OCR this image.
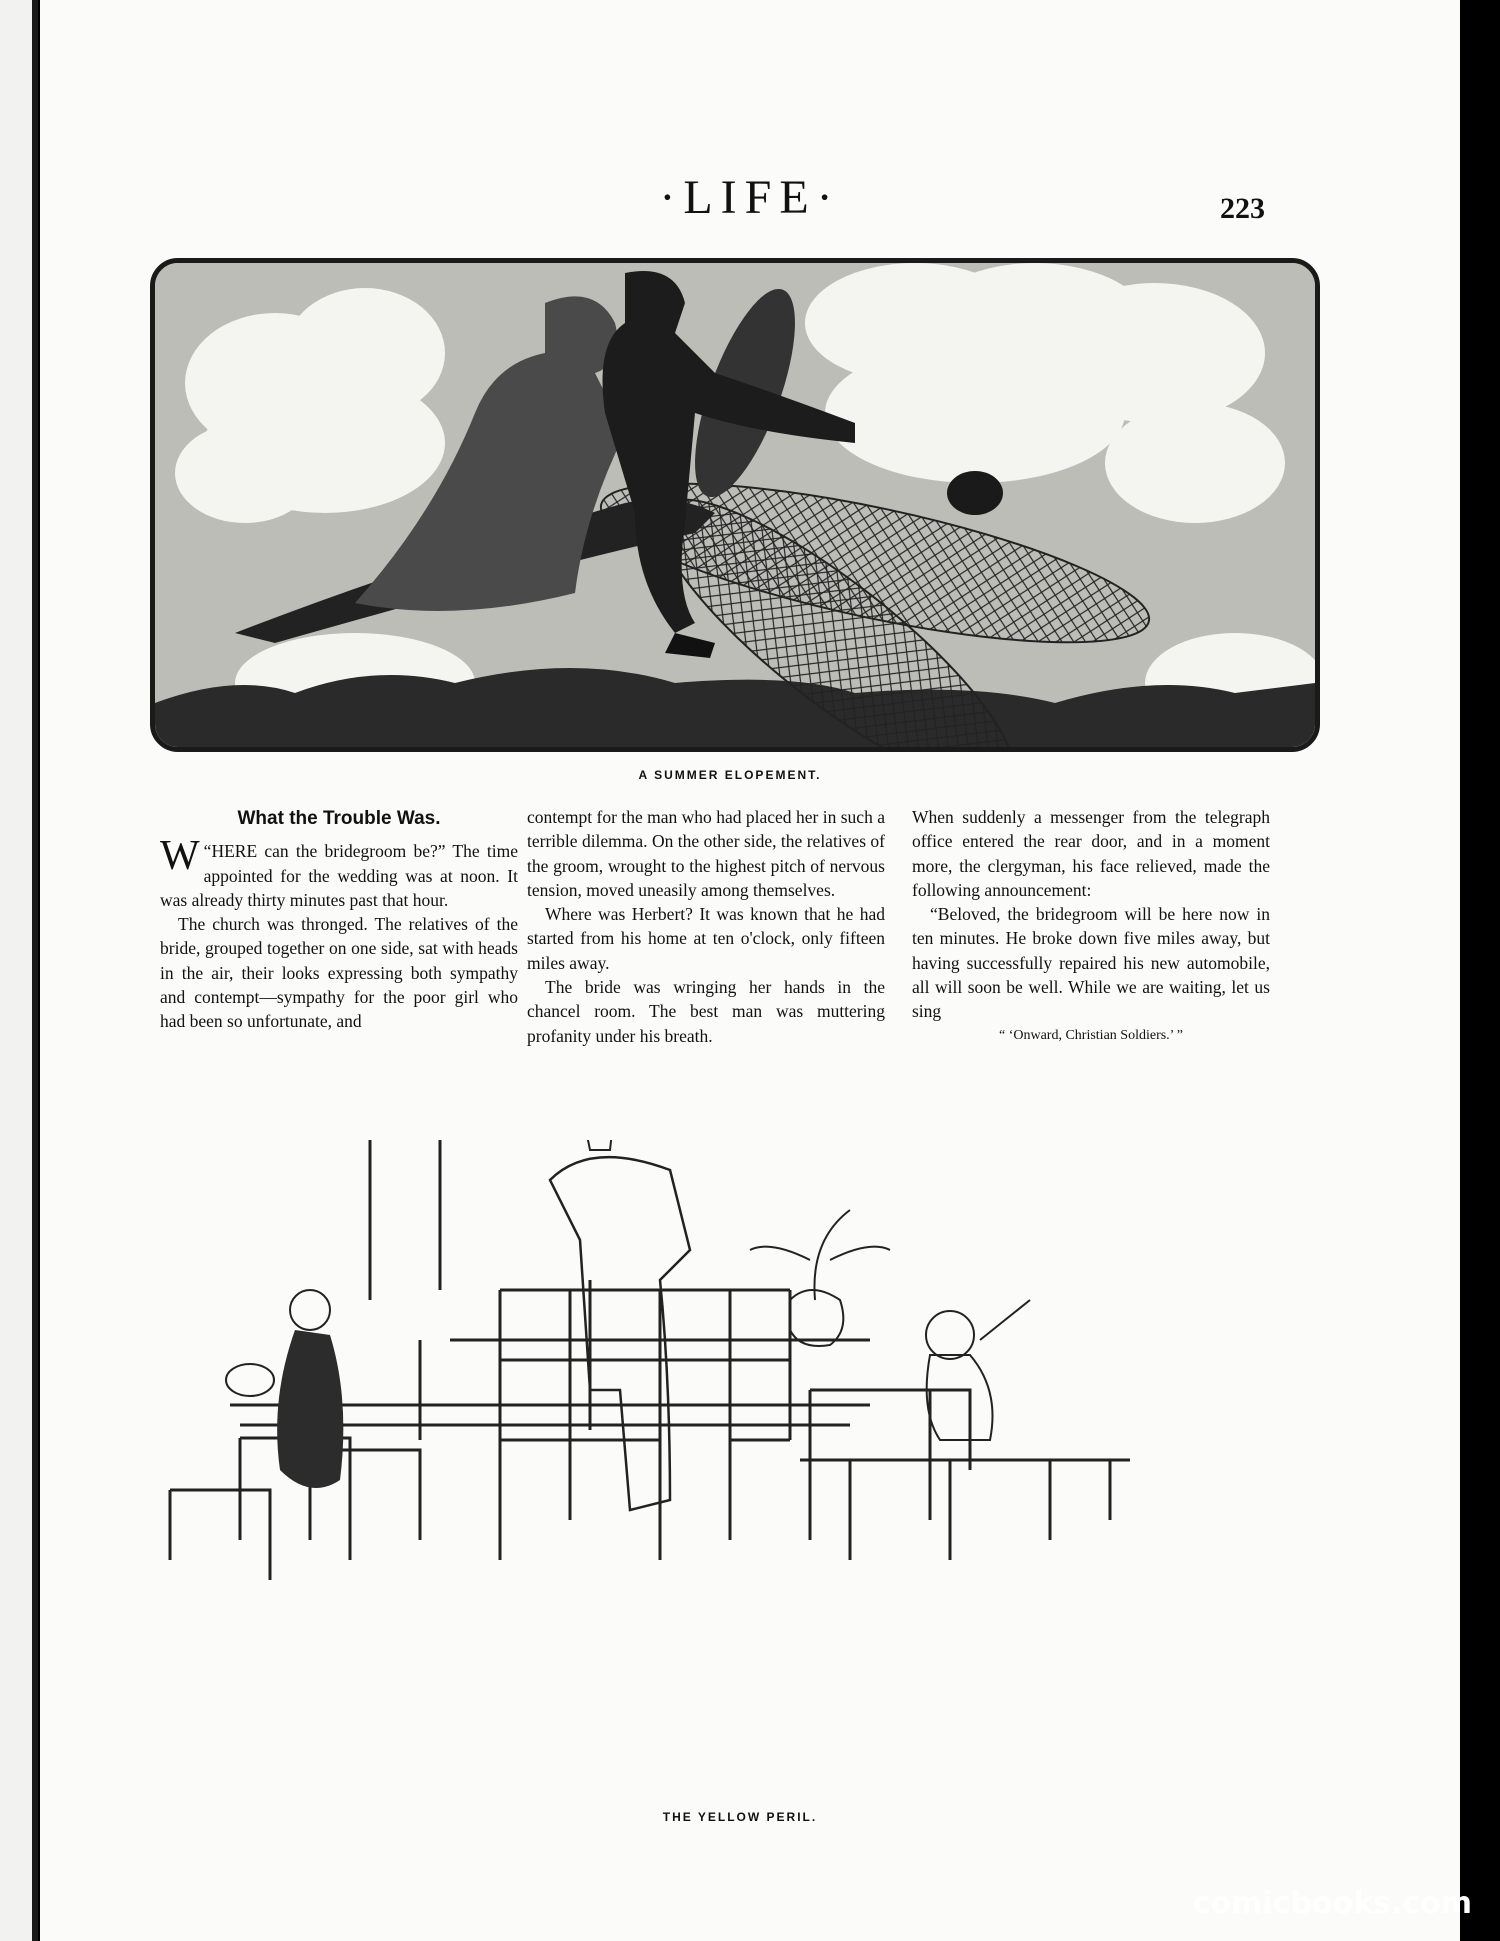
·LIFE·	223
A SUMMER ELOPEMENT.
What the Trouble Was.

“
W HERE can the bridegroom be?” The time appointed for the wedding was at noon. It was already thirty minutes past that hour.

The church was thronged. The relatives of the bride, grouped together on one side, sat with heads in the air, their looks expressing both sympathy and contempt—sympathy for the poor girl who had been so unfortunate, and

contempt for the man who had placed her in such a terrible dilemma. On the other side, the relatives of the groom, wrought to the highest pitch of nervous tension, moved uneasily among themselves.

Where was Herbert? It was known that he had started from his home at ten o'clock, only fifteen miles away.

The bride was wringing her hands in the chancel room. The best man was muttering profanity under his breath.

When suddenly a messenger from the telegraph office entered the rear door, and in a moment more, the clergyman, his face relieved, made the following announcement:

“Beloved, the bridegroom will be here now in ten minutes. He broke down five miles away, but having successfully repaired his new automobile, all will soon be well. While we are waiting, let us sing

“ ‘Onward, Christian Soldiers.’ ”

THE YELLOW PERIL.
comicbooks.com
